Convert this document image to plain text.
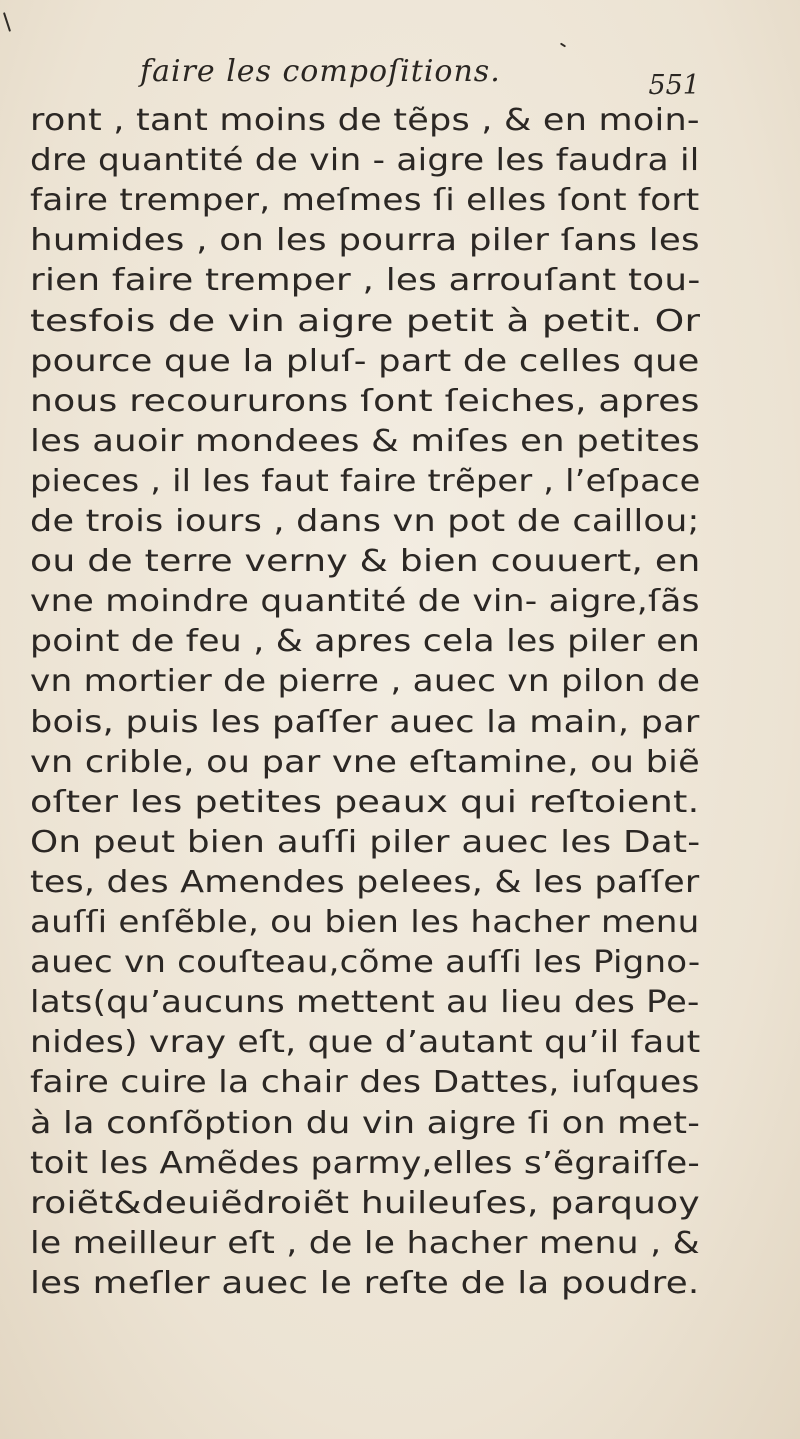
faire les compoſitions.	551
ront , tant moins de tẽps , & en moin-
dre quantité de vin - aigre les faudra il
faire tremper, meſmes ſi elles ſont fort
humides , on les pourra piler ſans les
rien faire tremper , les arrouſant tou-
tesfois de vin aigre petit à petit. Or
pource que la pluſ- part de celles que
nous recoururons ſont ſeiches, apres
les auoir mondees & miſes en petites
pieces , il les faut faire trẽper , l’eſpace
de trois iours , dans vn pot de caillou;
ou de terre verny & bien couuert, en
vne moindre quantité de vin- aigre,ſãs
point de feu , & apres cela les piler en
vn mortier de pierre , auec vn pilon de
bois, puis les paſſer auec la main, par
vn crible, ou par vne eſtamine, ou biẽ
oſter les petites peaux qui reſtoient.
On peut bien auſſi piler auec les Dat-
tes, des Amendes pelees, & les paſſer
auſſi enſẽble, ou bien les hacher menu
auec vn couſteau,cõme auſſi les Pigno-
lats(qu’aucuns mettent au lieu des Pe-
nides) vray eſt, que d’autant qu’il faut
faire cuire la chair des Dattes, iuſques
à la conſõption du vin aigre ſi on met-
toit les Amẽdes parmy,elles s’ẽgraiſſe-
roiẽt&deuiẽdroiẽt huileuſes, parquoy
le meilleur eſt , de le hacher menu , &
les meſler auec le reſte de la poudre.
